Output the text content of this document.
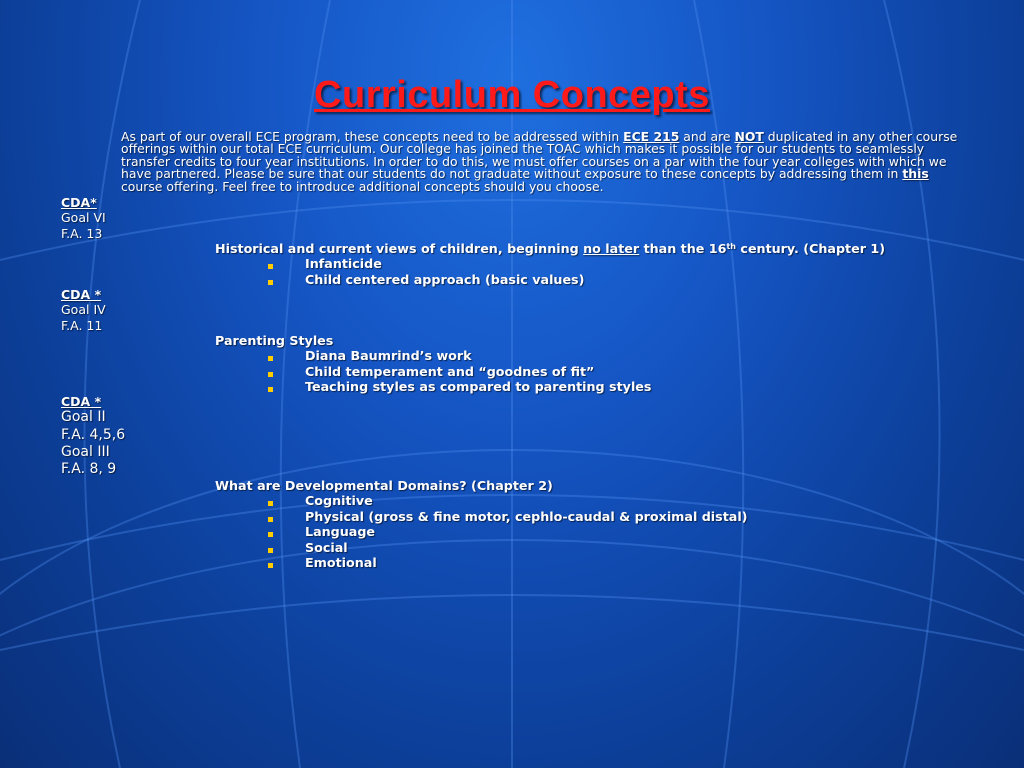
Curriculum Concepts

As part of our overall ECE program, these concepts need to be addressed within ECE 215 and are NOT duplicated in any other course offerings within our total ECE curriculum. Our college has joined the TOAC which makes it possible for our students to seamlessly transfer credits to four year institutions. In order to do this, we must offer courses on a par with the four year colleges with which we have partnered. Please be sure that our students do not graduate without exposure to these concepts by addressing them in this course offering. Feel free to introduce additional concepts should you choose.

CDA*
Goal VI
F.A. 13
Historical and current views of children, beginning no later than the 16th century. (Chapter 1)
Infanticide
Child centered approach (basic values)
CDA *
Goal IV
F.A. 11
Parenting Styles
Diana Baumrind’s work
Child temperament and “goodnes of fit”
Teaching styles as compared to parenting styles
CDA *
Goal II
F.A. 4,5,6
Goal III
F.A. 8, 9
What are Developmental Domains? (Chapter 2)
Cognitive
Physical (gross & fine motor, cephlo-caudal & proximal distal)
Language
Social
Emotional
